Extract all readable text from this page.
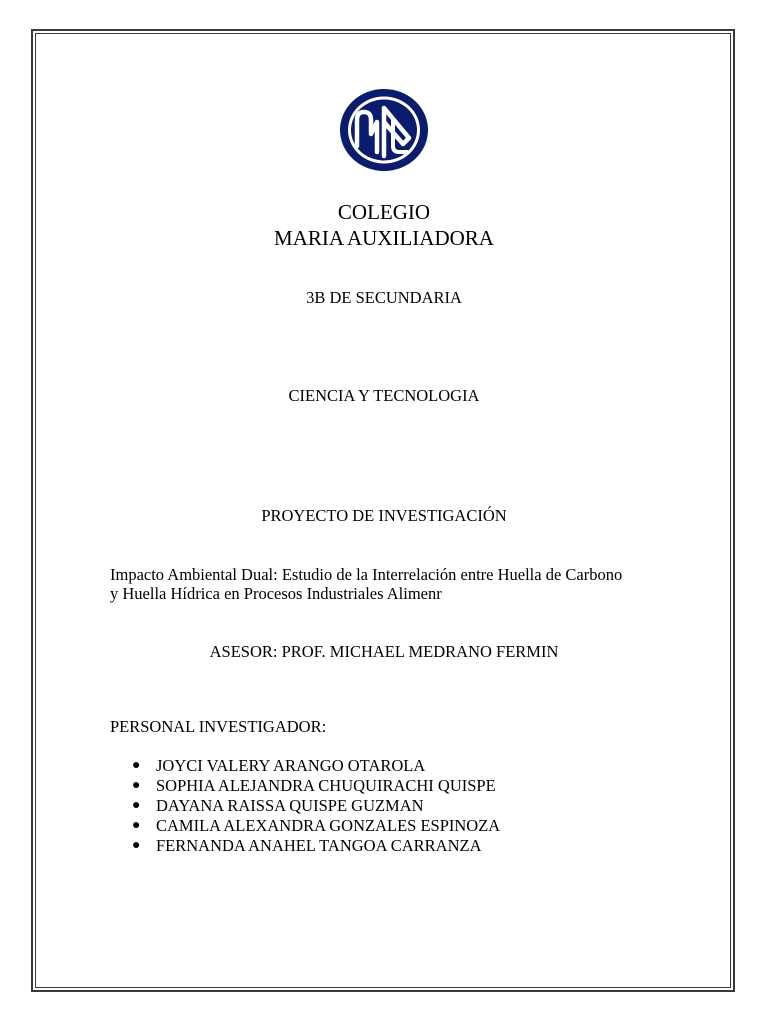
COLEGIO
MARIA AUXILIADORA
3B DE SECUNDARIA
CIENCIA Y TECNOLOGIA
PROYECTO DE INVESTIGACIÓN
Impacto Ambiental Dual: Estudio de la Interrelación entre Huella de Carbono
y Huella Hídrica en Procesos Industriales Alimenr
ASESOR: PROF. MICHAEL MEDRANO FERMIN
PERSONAL INVESTIGADOR:
● JOYCI VALERY ARANGO OTAROLA
● SOPHIA ALEJANDRA CHUQUIRACHI QUISPE
● DAYANA RAISSA QUISPE GUZMAN
● CAMILA ALEXANDRA GONZALES ESPINOZA
● FERNANDA ANAHEL TANGOA CARRANZA
